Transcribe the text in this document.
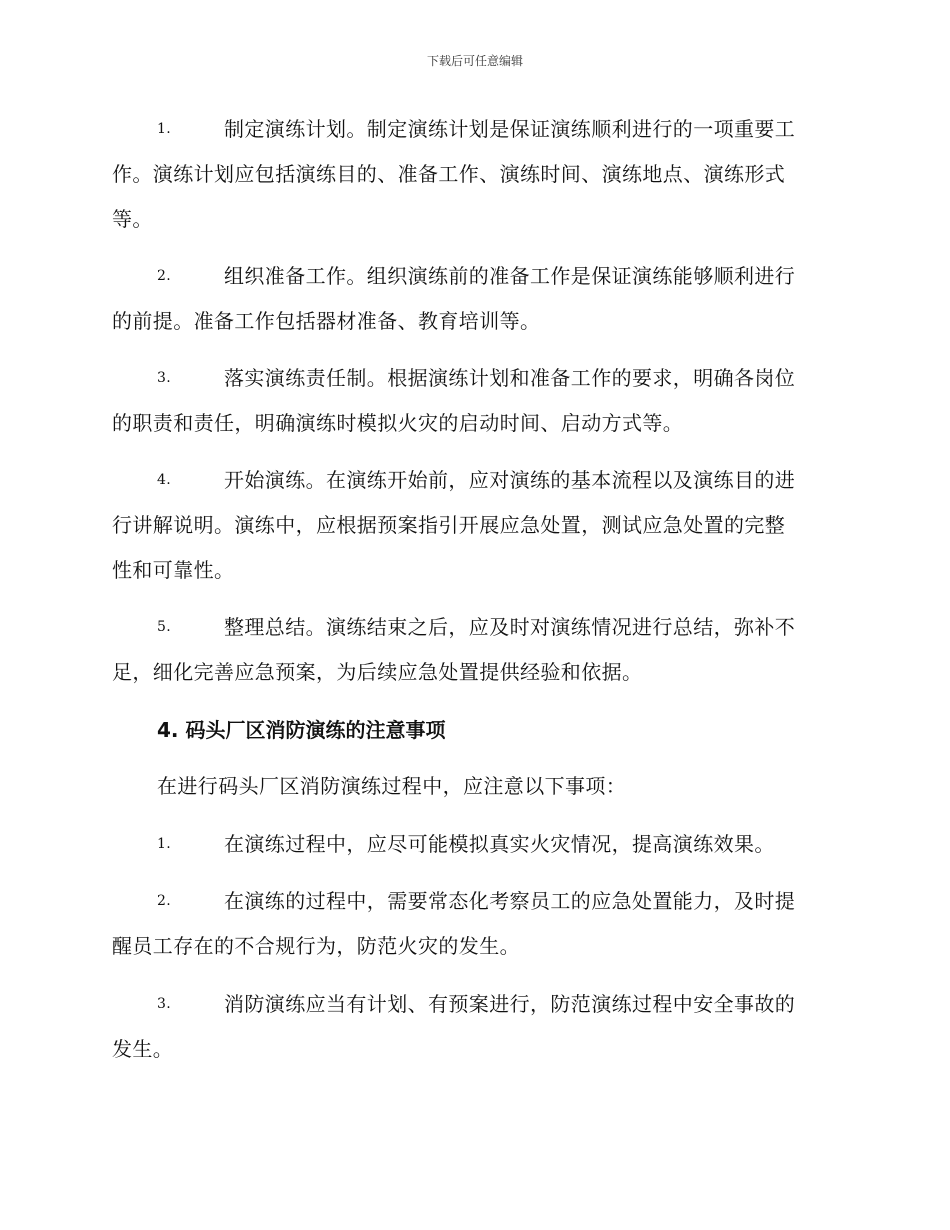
下载后可任意编辑
1.	制定演练计划。制定演练计划是保证演练顺利进行的一项重要工
作。演练计划应包括演练目的、准备工作、演练时间、演练地点、演练形式
等。
2.	组织准备工作。组织演练前的准备工作是保证演练能够顺利进行
的前提。准备工作包括器材准备、教育培训等。
3.	落实演练责任制。根据演练计划和准备工作的要求，明确各岗位
的职责和责任，明确演练时模拟火灾的启动时间、启动方式等。
4.	开始演练。在演练开始前，应对演练的基本流程以及演练目的进
行讲解说明。演练中，应根据预案指引开展应急处置，测试应急处置的完整
性和可靠性。
5.	整理总结。演练结束之后，应及时对演练情况进行总结，弥补不
足，细化完善应急预案，为后续应急处置提供经验和依据。
4. 码头厂区消防演练的注意事项
在进行码头厂区消防演练过程中，应注意以下事项：
1.	在演练过程中，应尽可能模拟真实火灾情况，提高演练效果。
2.	在演练的过程中，需要常态化考察员工的应急处置能力，及时提
醒员工存在的不合规行为，防范火灾的发生。
3.	消防演练应当有计划、有预案进行，防范演练过程中安全事故的
发生。
